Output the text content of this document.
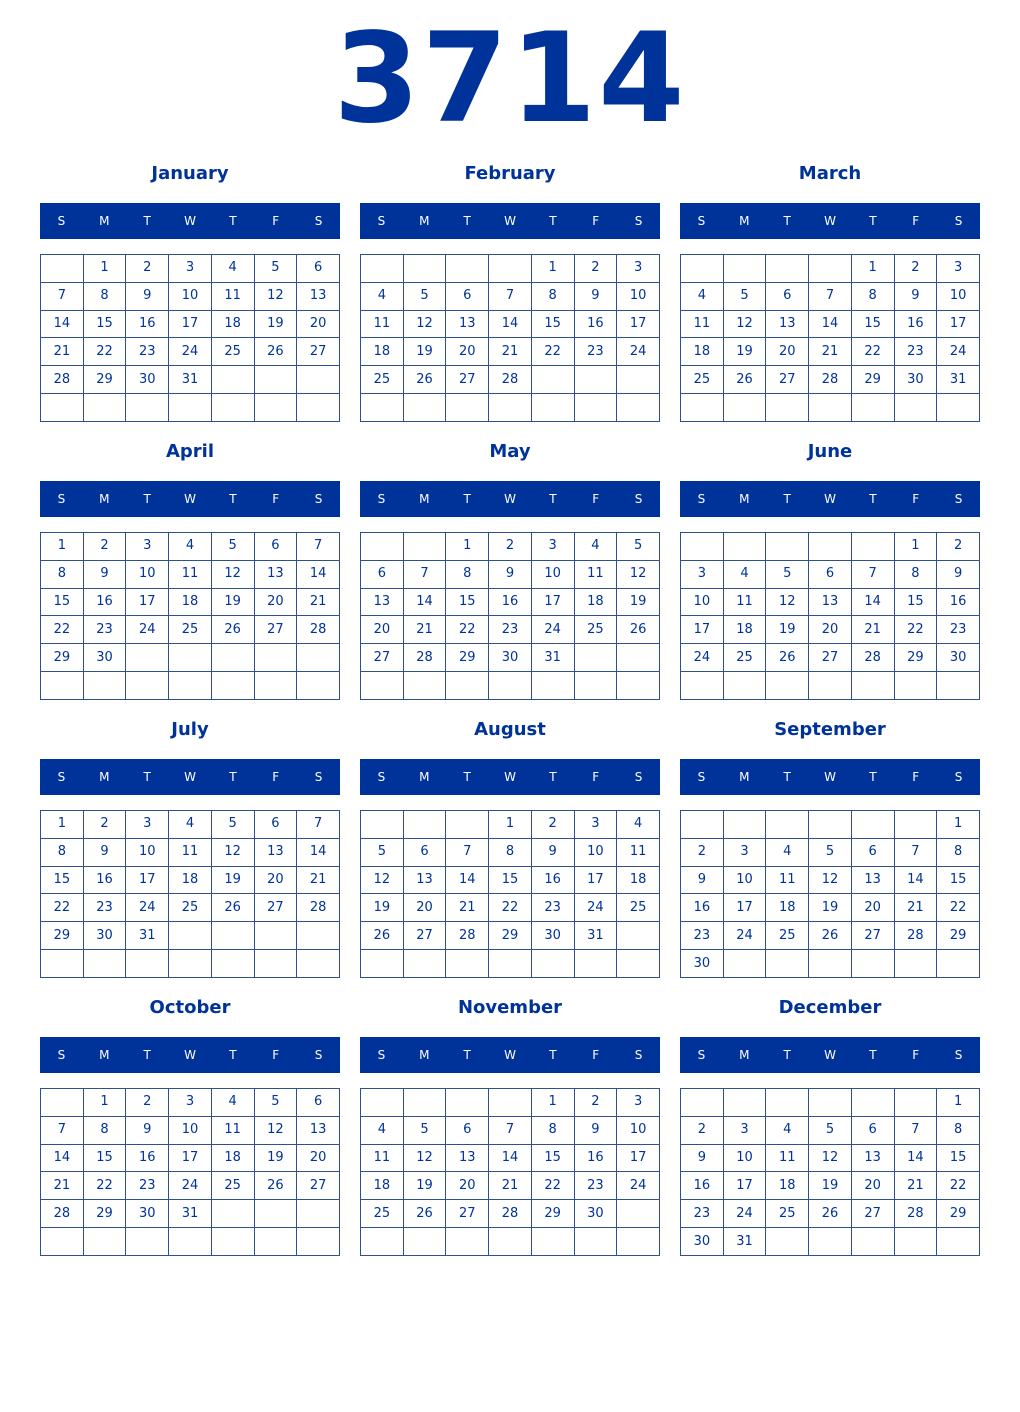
3714
January
S	M	T	W	T	F	S
	1	2	3	4	5	6
7	8	9	10	11	12	13
14	15	16	17	18	19	20
21	22	23	24	25	26	27
28	29	30	31			

February
S	M	T	W	T	F	S
				1	2	3
4	5	6	7	8	9	10
11	12	13	14	15	16	17
18	19	20	21	22	23	24
25	26	27	28			

March
S	M	T	W	T	F	S
				1	2	3
4	5	6	7	8	9	10
11	12	13	14	15	16	17
18	19	20	21	22	23	24
25	26	27	28	29	30	31

April
S	M	T	W	T	F	S
1	2	3	4	5	6	7
8	9	10	11	12	13	14
15	16	17	18	19	20	21
22	23	24	25	26	27	28
29	30					

May
S	M	T	W	T	F	S
		1	2	3	4	5
6	7	8	9	10	11	12
13	14	15	16	17	18	19
20	21	22	23	24	25	26
27	28	29	30	31		

June
S	M	T	W	T	F	S
					1	2
3	4	5	6	7	8	9
10	11	12	13	14	15	16
17	18	19	20	21	22	23
24	25	26	27	28	29	30

July
S	M	T	W	T	F	S
1	2	3	4	5	6	7
8	9	10	11	12	13	14
15	16	17	18	19	20	21
22	23	24	25	26	27	28
29	30	31				

August
S	M	T	W	T	F	S
			1	2	3	4
5	6	7	8	9	10	11
12	13	14	15	16	17	18
19	20	21	22	23	24	25
26	27	28	29	30	31	

September
S	M	T	W	T	F	S
						1
2	3	4	5	6	7	8
9	10	11	12	13	14	15
16	17	18	19	20	21	22
23	24	25	26	27	28	29
30						
October
S	M	T	W	T	F	S
	1	2	3	4	5	6
7	8	9	10	11	12	13
14	15	16	17	18	19	20
21	22	23	24	25	26	27
28	29	30	31			

November
S	M	T	W	T	F	S
				1	2	3
4	5	6	7	8	9	10
11	12	13	14	15	16	17
18	19	20	21	22	23	24
25	26	27	28	29	30	

December
S	M	T	W	T	F	S
						1
2	3	4	5	6	7	8
9	10	11	12	13	14	15
16	17	18	19	20	21	22
23	24	25	26	27	28	29
30	31					
